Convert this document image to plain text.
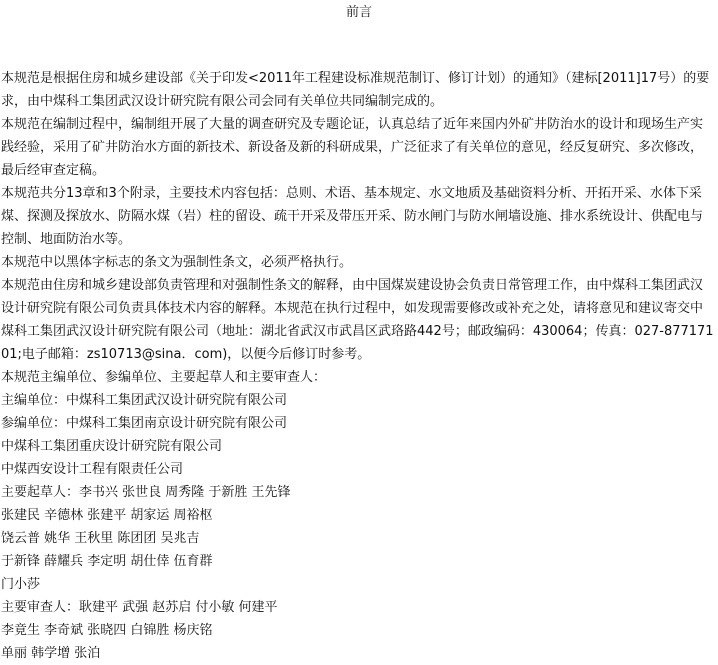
前言

本规范是根据住房和城乡建设部《关于印发<2011年工程建设标准规范制订、修订计划）的通知》（建标[2011]17号）的要求，由中煤科工集团武汉设计研究院有限公司会同有关单位共同编制完成的。

本规范在编制过程中，编制组开展了大量的调查研究及专题论证，认真总结了近年来国内外矿井防治水的设计和现场生产实践经验，采用了矿井防治水方面的新技术、新设备及新的科研成果，广泛征求了有关单位的意见，经反复研究、多次修改，最后经审查定稿。

本规范共分13章和3个附录，主要技术内容包括：总则、术语、基本规定、水文地质及基础资料分析、开拓开采、水体下采煤、探测及探放水、防隔水煤（岩）柱的留设、疏干开采及带压开采、防水闸门与防水闸墙设施、排水系统设计、供配电与控制、地面防治水等。

本规范中以黑体字标志的条文为强制性条文，必须严格执行。

本规范由住房和城乡建设部负责管理和对强制性条文的解释，由中国煤炭建设协会负责日常管理工作，由中煤科工集团武汉设计研究院有限公司负责具体技术内容的解释。本规范在执行过程中，如发现需要修改或补充之处，请将意见和建议寄交中煤科工集团武汉设计研究院有限公司（地址：湖北省武汉市武昌区武珞路442号；邮政编码：430064；传真：027-87717101;电子邮箱：zs10713@sina．com)，以便今后修订时参考。

本规范主编单位、参编单位、主要起草人和主要审查人：

主编单位：中煤科工集团武汉设计研究院有限公司

参编单位：中煤科工集团南京设计研究院有限公司

中煤科工集团重庆设计研究院有限公司

中煤西安设计工程有限责任公司

主要起草人：李书兴 张世良 周秀隆 于新胜 王先锋

张建民 辛德林 张建平 胡家运 周裕枢

饶云普 姚华 王秋里 陈团团 吴兆吉

于新锋 薛耀兵 李定明 胡仕倖 伍育群

门小莎

主要审查人：耿建平 武强 赵苏启 付小敏 何建平

李竟生 李奇斌 张晓四 白锦胜 杨庆铭

单丽 韩学增 张泊
